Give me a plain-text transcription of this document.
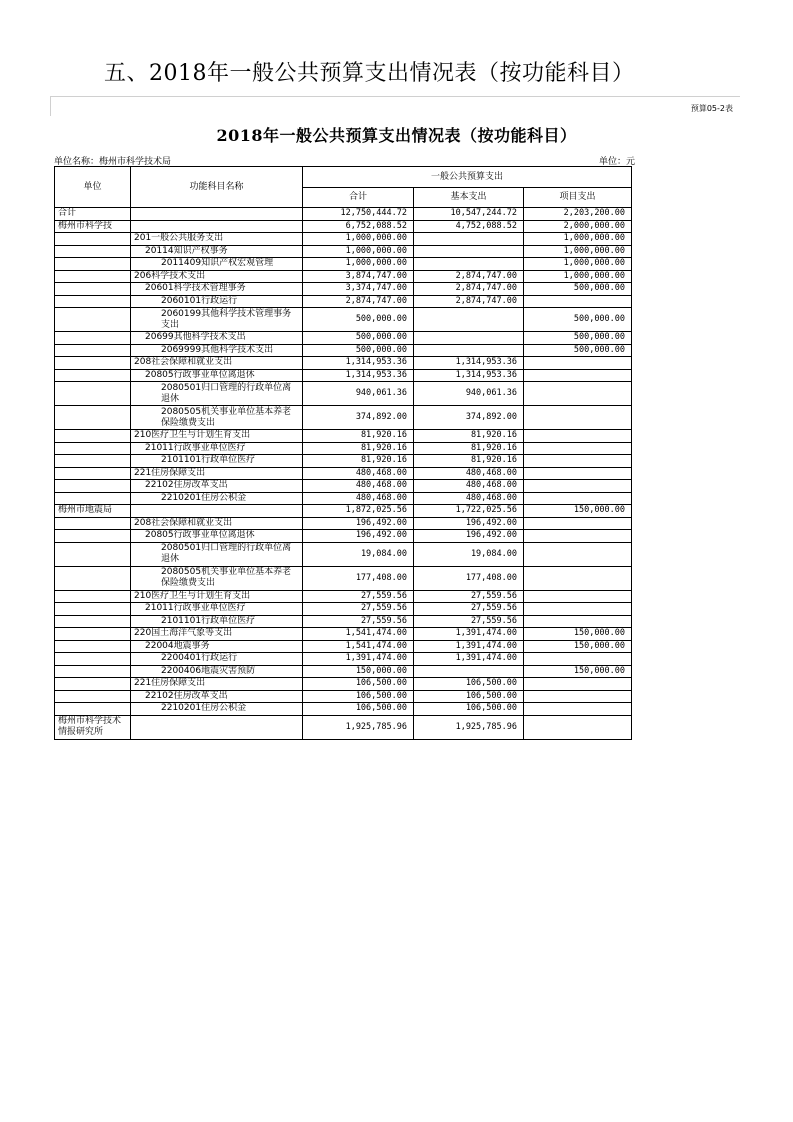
五、2018年一般公共预算支出情况表（按功能科目）
预算05-2表
2018年一般公共预算支出情况表（按功能科目）
单位名称：梅州市科学技术局	单位：元
单位	功能科目名称	一般公共预算支出		
		合计	基本支出	项目支出
合计		12,750,444.72	10,547,244.72	2,203,200.00
梅州市科学技		6,752,088.52	4,752,088.52	2,000,000.00
	201一般公共服务支出	1,000,000.00		1,000,000.00
	20114知识产权事务	1,000,000.00		1,000,000.00
	2011409知识产权宏观管理	1,000,000.00		1,000,000.00
	206科学技术支出	3,874,747.00	2,874,747.00	1,000,000.00
	20601科学技术管理事务	3,374,747.00	2,874,747.00	500,000.00
	2060101行政运行	2,874,747.00	2,874,747.00	
	2060199其他科学技术管理事务支出	500,000.00		500,000.00
	20699其他科学技术支出	500,000.00		500,000.00
	2069999其他科学技术支出	500,000.00		500,000.00
	208社会保障和就业支出	1,314,953.36	1,314,953.36	
	20805行政事业单位离退休	1,314,953.36	1,314,953.36	
	2080501归口管理的行政单位离退休	940,061.36	940,061.36	
	2080505机关事业单位基本养老保险缴费支出	374,892.00	374,892.00	
	210医疗卫生与计划生育支出	81,920.16	81,920.16	
	21011行政事业单位医疗	81,920.16	81,920.16	
	2101101行政单位医疗	81,920.16	81,920.16	
	221住房保障支出	480,468.00	480,468.00	
	22102住房改革支出	480,468.00	480,468.00	
	2210201住房公积金	480,468.00	480,468.00	
梅州市地震局		1,872,025.56	1,722,025.56	150,000.00
	208社会保障和就业支出	196,492.00	196,492.00	
	20805行政事业单位离退休	196,492.00	196,492.00	
	2080501归口管理的行政单位离退休	19,084.00	19,084.00	
	2080505机关事业单位基本养老保险缴费支出	177,408.00	177,408.00	
	210医疗卫生与计划生育支出	27,559.56	27,559.56	
	21011行政事业单位医疗	27,559.56	27,559.56	
	2101101行政单位医疗	27,559.56	27,559.56	
	220国土海洋气象等支出	1,541,474.00	1,391,474.00	150,000.00
	22004地震事务	1,541,474.00	1,391,474.00	150,000.00
	2200401行政运行	1,391,474.00	1,391,474.00	
	2200406地震灾害预防	150,000.00		150,000.00
	221住房保障支出	106,500.00	106,500.00	
	22102住房改革支出	106,500.00	106,500.00	
	2210201住房公积金	106,500.00	106,500.00	
梅州市科学技术情报研究所		1,925,785.96	1,925,785.96	
